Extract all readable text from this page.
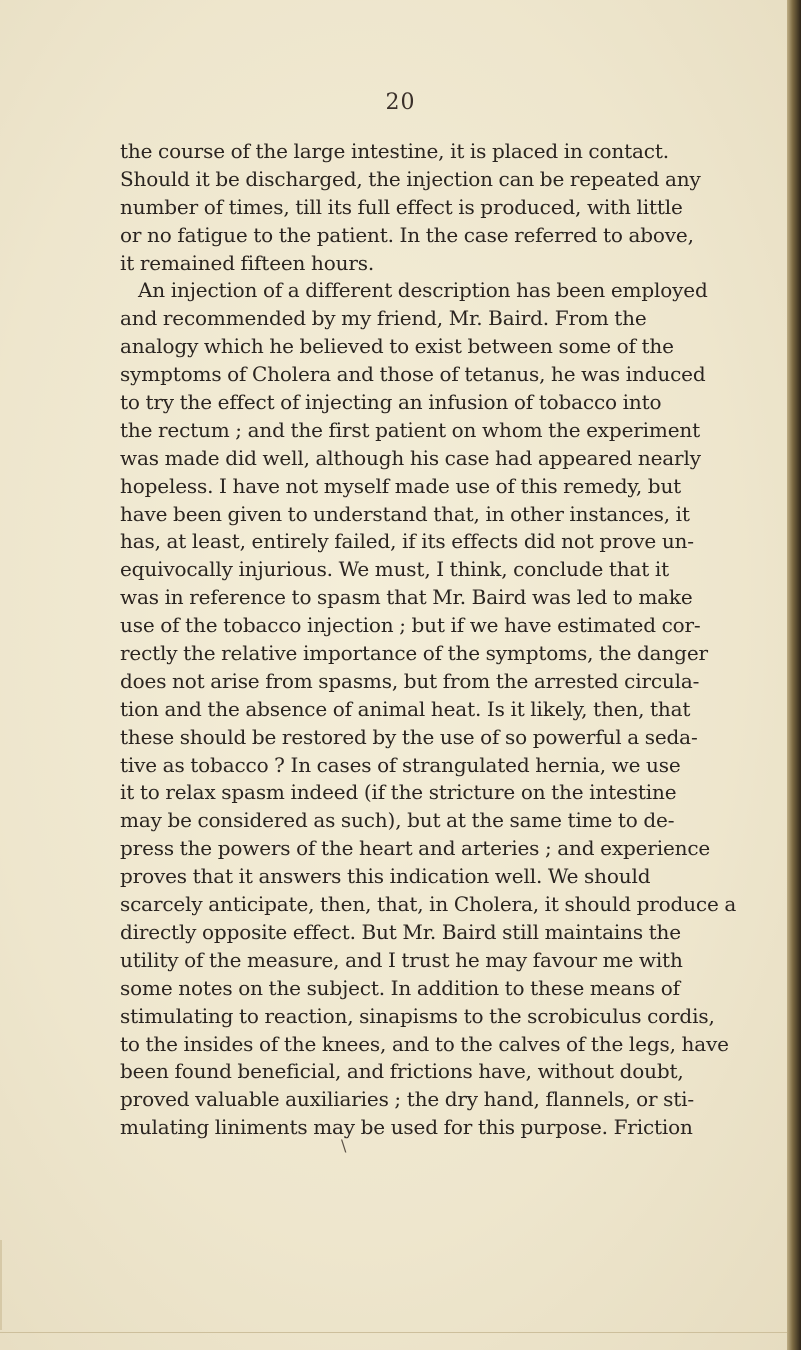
20
the course of the large intestine, it is placed in contact.
Should it be discharged, the injection can be repeated any
number of times, till its full effect is produced, with little
or no fatigue to the patient. In the case referred to above,
it remained fifteen hours.
An injection of a different description has been employed
and recommended by my friend, Mr. Baird. From the
analogy which he believed to exist between some of the
symptoms of Cholera and those of tetanus, he was induced
to try the effect of injecting an infusion of tobacco into
the rectum ; and the first patient on whom the experiment
was made did well, although his case had appeared nearly
hopeless. I have not myself made use of this remedy, but
have been given to understand that, in other instances, it
has, at least, entirely failed, if its effects did not prove un-
equivocally injurious. We must, I think, conclude that it
was in reference to spasm that Mr. Baird was led to make
use of the tobacco injection ; but if we have estimated cor-
rectly the relative importance of the symptoms, the danger
does not arise from spasms, but from the arrested circula-
tion and the absence of animal heat. Is it likely, then, that
these should be restored by the use of so powerful a seda-
tive as tobacco ? In cases of strangulated hernia, we use
it to relax spasm indeed (if the stricture on the intestine
may be considered as such), but at the same time to de-
press the powers of the heart and arteries ; and experience
proves that it answers this indication well. We should
scarcely anticipate, then, that, in Cholera, it should produce a
directly opposite effect. But Mr. Baird still maintains the
utility of the measure, and I trust he may favour me with
some notes on the subject. In addition to these means of
stimulating to reaction, sinapisms to the scrobiculus cordis,
to the insides of the knees, and to the calves of the legs, have
been found beneficial, and frictions have, without doubt,
proved valuable auxiliaries ; the dry hand, flannels, or sti-
mulating liniments may be used for this purpose. Friction
\
